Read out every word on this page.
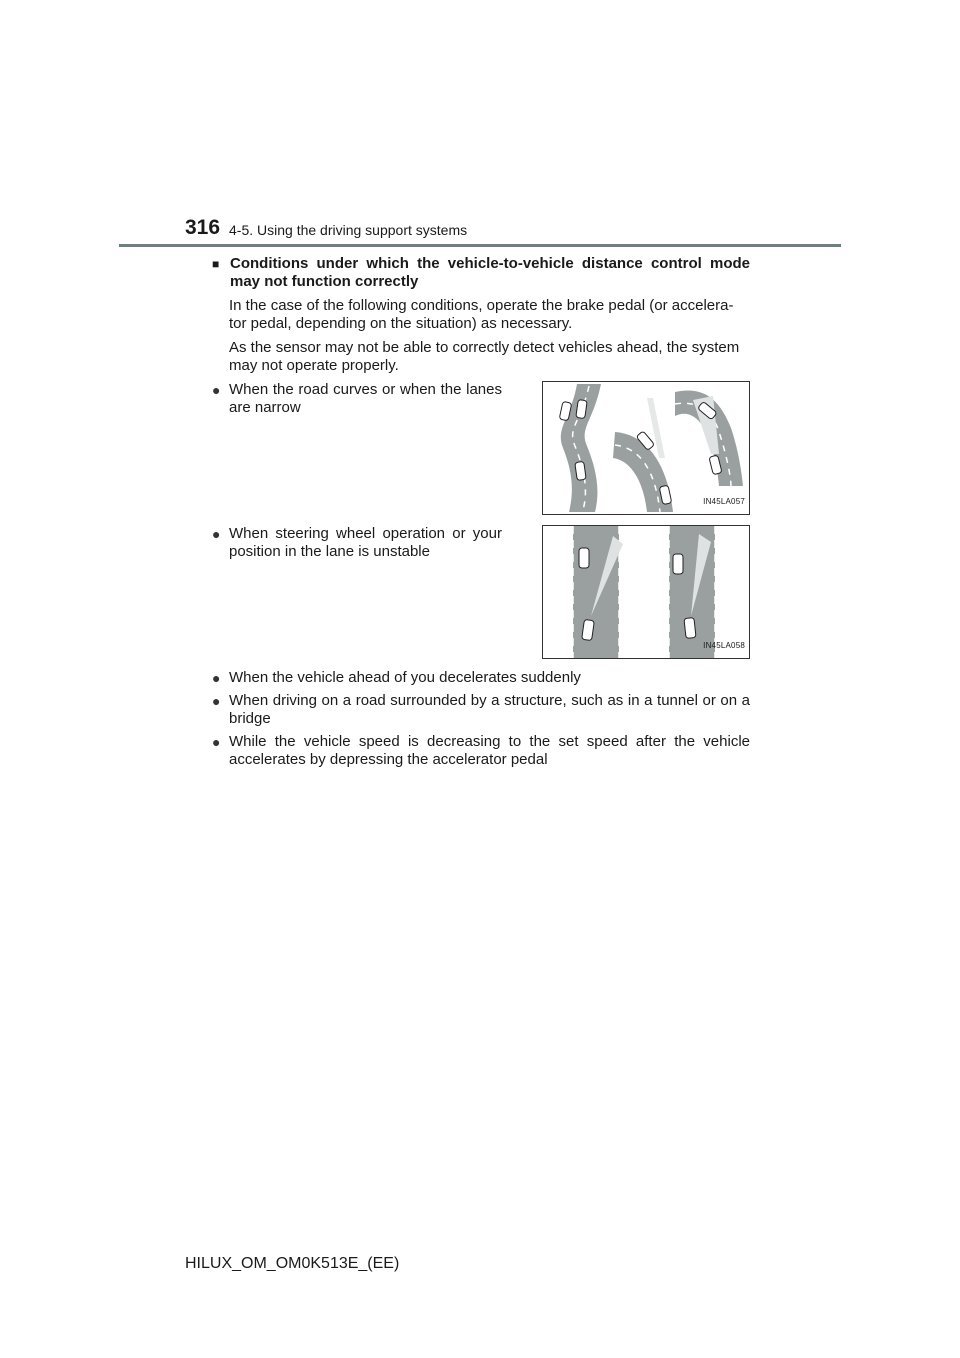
316 4-5. Using the driving support systems
■ Conditions under which the vehicle-to-vehicle distance control mode may not function correctly

In the case of the following conditions, operate the brake pedal (or accelera-tor pedal, depending on the situation) as necessary.

As the sensor may not be able to correctly detect vehicles ahead, the system may not operate properly.

● When the road curves or when the lanes are narrow
IN45LA057
● When steering wheel operation or your position in the lane is unstable
IN45LA058
● When the vehicle ahead of you decelerates suddenly
● When driving on a road surrounded by a structure, such as in a tunnel or on a bridge
● While the vehicle speed is decreasing to the set speed after the vehicle accelerates by depressing the accelerator pedal
HILUX_OM_OM0K513E_(EE)
